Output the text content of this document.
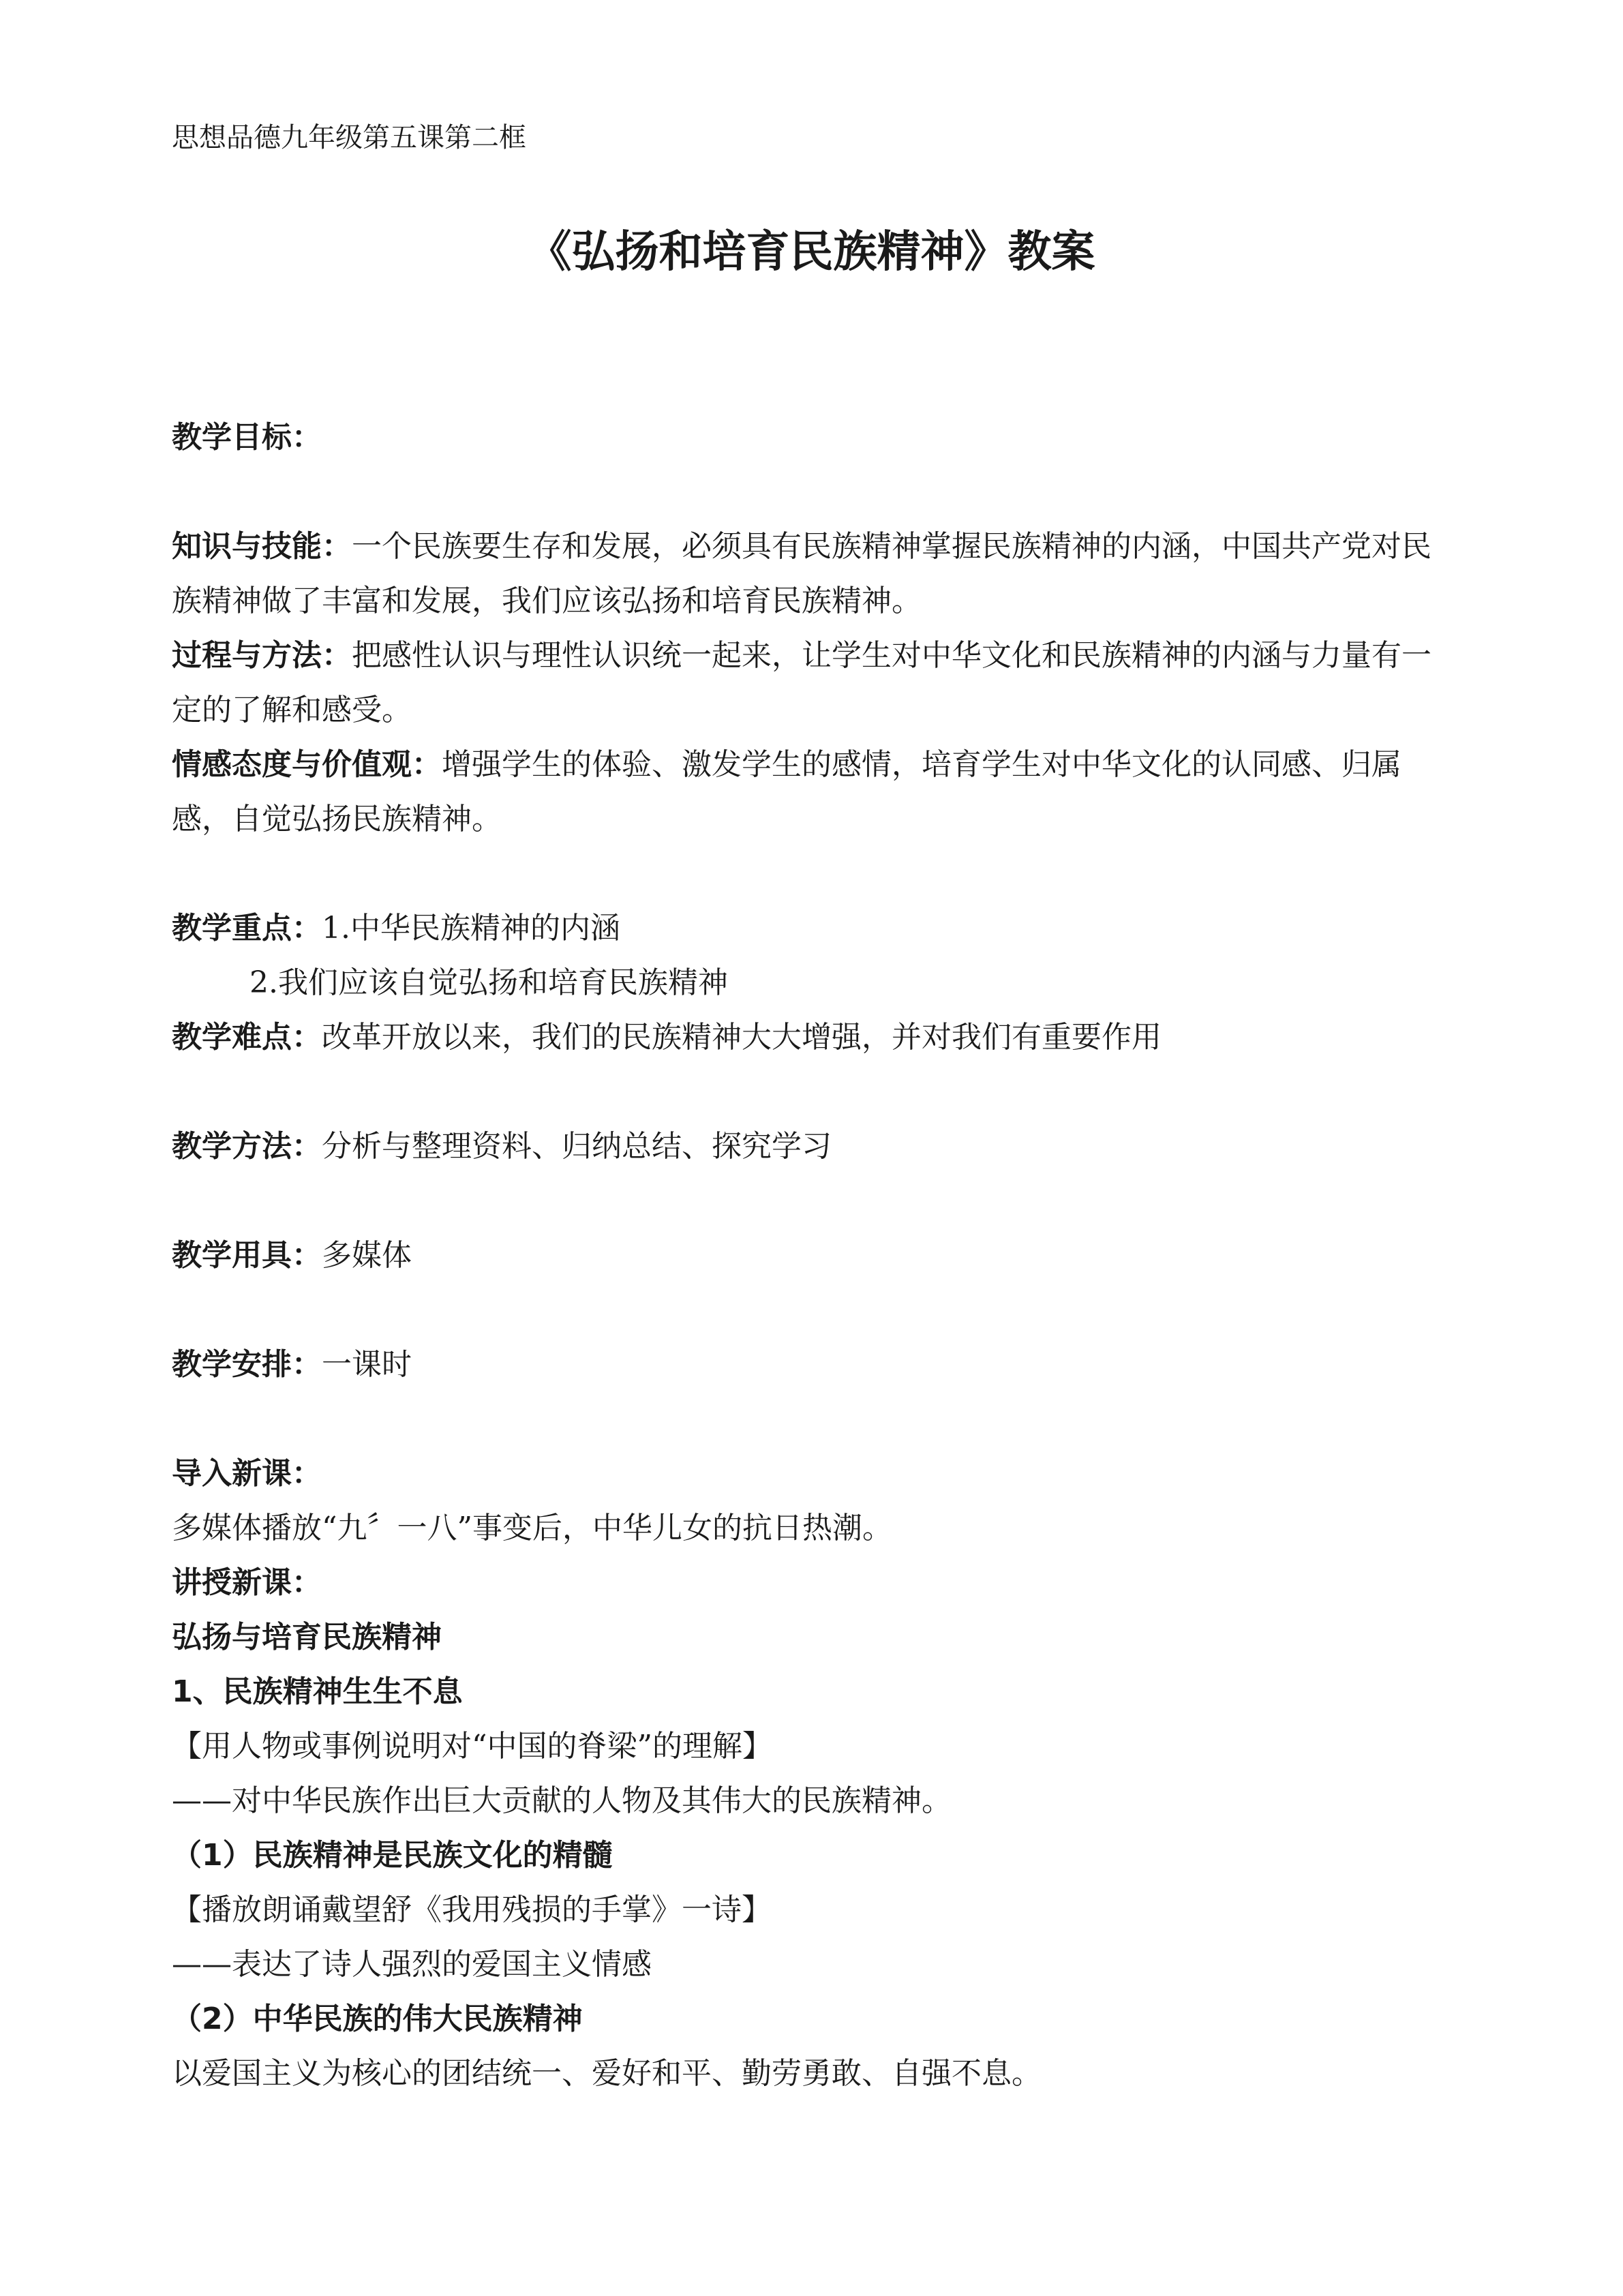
思想品德九年级第五课第二框
《弘扬和培育民族精神》教案
教学目标：
知识与技能：一个民族要生存和发展，必须具有民族精神掌握民族精神的内涵，中国共产党对民族精神做了丰富和发展，我们应该弘扬和培育民族精神。
过程与方法：把感性认识与理性认识统一起来，让学生对中华文化和民族精神的内涵与力量有一定的了解和感受。
情感态度与价值观：增强学生的体验、激发学生的感情，培育学生对中华文化的认同感、归属感，自觉弘扬民族精神。
教学重点：1.中华民族精神的内涵
2.我们应该自觉弘扬和培育民族精神
教学难点：改革开放以来，我们的民族精神大大增强，并对我们有重要作用
教学方法：分析与整理资料、归纳总结、探究学习
教学用具：多媒体
教学安排：一课时
导入新课：
多媒体播放“九〞一八”事变后，中华儿女的抗日热潮。
讲授新课：
弘扬与培育民族精神
1、民族精神生生不息
【用人物或事例说明对“中国的脊梁”的理解】
——对中华民族作出巨大贡献的人物及其伟大的民族精神。
（1）民族精神是民族文化的精髓
【播放朗诵戴望舒《我用残损的手掌》一诗】
——表达了诗人强烈的爱国主义情感
（2）中华民族的伟大民族精神
以爱国主义为核心的团结统一、爱好和平、勤劳勇敢、自强不息。
